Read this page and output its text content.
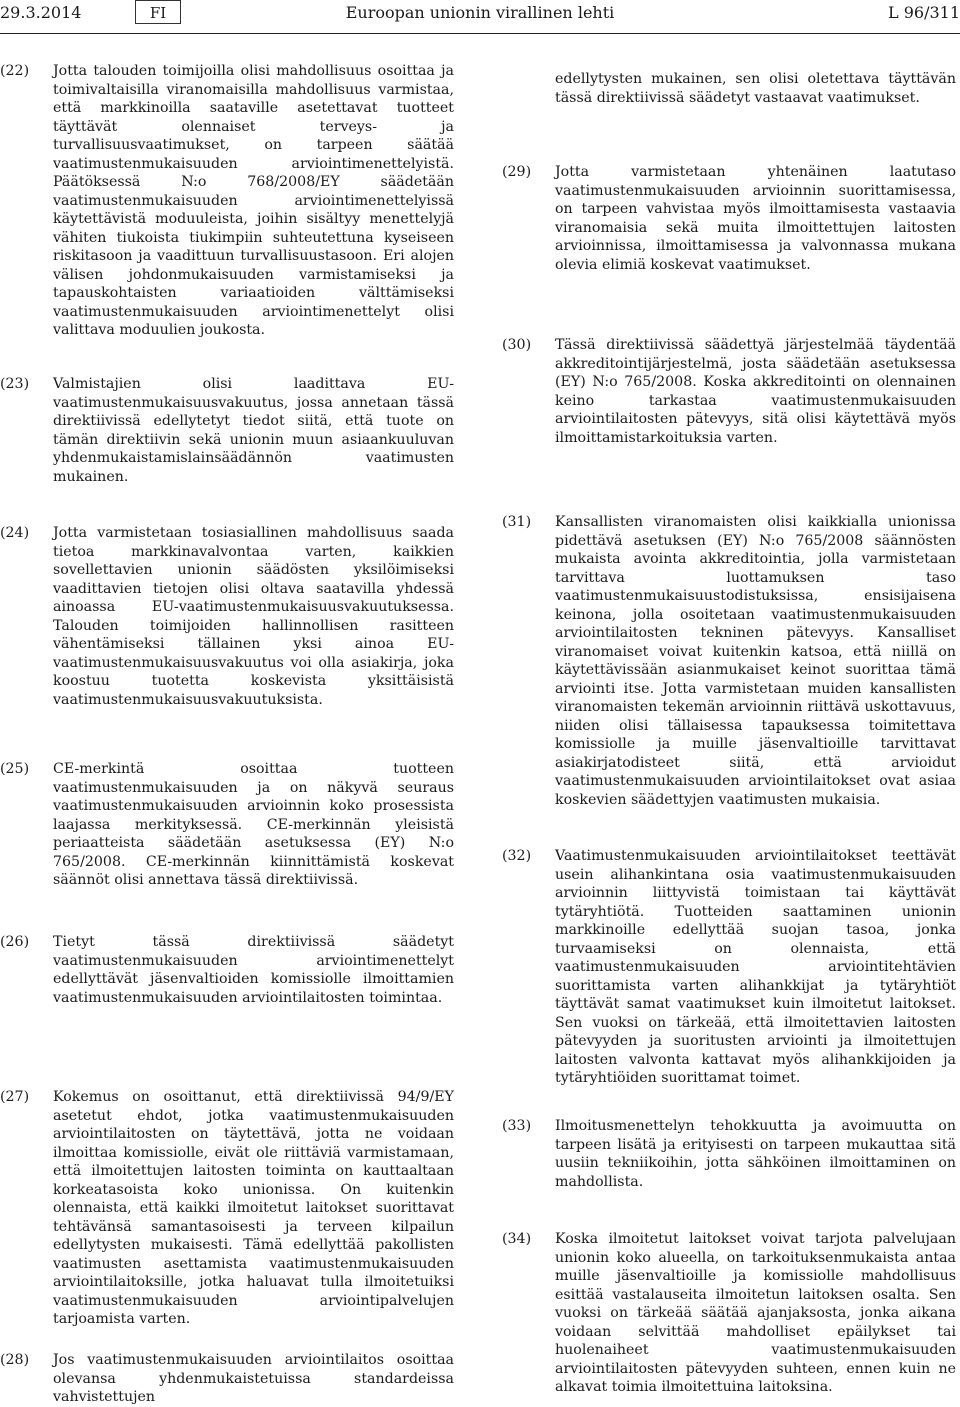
29.3.2014	FI	Euroopan unionin virallinen lehti	L 96/311
(22)	Jotta talouden toimijoilla olisi mahdollisuus osoittaa ja toimivaltaisilla viranomaisilla mahdollisuus varmistaa, että markkinoilla saataville asetettavat tuotteet täyttävät olennaiset terveys- ja turvallisuusvaatimukset, on tarpeen säätää vaatimustenmukaisuuden arviointimenettelyistä. Päätöksessä N:o 768/2008/EY säädetään vaatimustenmukaisuuden arviointimenettelyissä käytettävistä moduuleista, joihin sisältyy menettelyjä vähiten tiukoista tiukimpiin suhteutettuna kyseiseen riskitasoon ja vaadittuun turvallisuustasoon. Eri alojen välisen johdonmukaisuuden varmistamiseksi ja tapauskohtaisten variaatioiden välttämiseksi vaatimustenmukaisuuden arviointimenettelyt olisi valittava moduulien joukosta.
(23)	Valmistajien olisi laadittava EU-vaatimustenmukaisuusvakuutus, jossa annetaan tässä direktiivissä edellytetyt tiedot siitä, että tuote on tämän direktiivin sekä unionin muun asiaankuuluvan yhdenmukaistamislainsäädännön vaatimusten mukainen.
(24)	Jotta varmistetaan tosiasiallinen mahdollisuus saada tietoa markkinavalvontaa varten, kaikkien sovellettavien unionin säädösten yksilöimiseksi vaadittavien tietojen olisi oltava saatavilla yhdessä ainoassa EU-vaatimustenmukaisuusvakuutuksessa. Talouden toimijoiden hallinnollisen rasitteen vähentämiseksi tällainen yksi ainoa EU-vaatimustenmukaisuusvakuutus voi olla asiakirja, joka koostuu tuotetta koskevista yksittäisistä vaatimustenmukaisuusvakuutuksista.
(25)	CE-merkintä osoittaa tuotteen vaatimustenmukaisuuden ja on näkyvä seuraus vaatimustenmukaisuuden arvioinnin koko prosessista laajassa merkityksessä. CE-merkinnän yleisistä periaatteista säädetään asetuksessa (EY) N:o 765/2008. CE-merkinnän kiinnittämistä koskevat säännöt olisi annettava tässä direktiivissä.
(26)	Tietyt tässä direktiivissä säädetyt vaatimustenmukaisuuden arviointimenettelyt edellyttävät jäsenvaltioiden komissiolle ilmoittamien vaatimustenmukaisuuden arviointilaitosten toimintaa.
(27)	Kokemus on osoittanut, että direktiivissä 94/9/EY asetetut ehdot, jotka vaatimustenmukaisuuden arviointilaitosten on täytettävä, jotta ne voidaan ilmoittaa komissiolle, eivät ole riittäviä varmistamaan, että ilmoitettujen laitosten toiminta on kauttaaltaan korkeatasoista koko unionissa. On kuitenkin olennaista, että kaikki ilmoitetut laitokset suorittavat tehtävänsä samantasoisesti ja terveen kilpailun edellytysten mukaisesti. Tämä edellyttää pakollisten vaatimusten asettamista vaatimustenmukaisuuden arviointilaitoksille, jotka haluavat tulla ilmoitetuiksi vaatimustenmukaisuuden arviointipalvelujen tarjoamista varten.
(28)	Jos vaatimustenmukaisuuden arviointilaitos osoittaa olevansa yhdenmukaistetuissa standardeissa vahvistettujen
edellytysten mukainen, sen olisi oletettava täyttävän tässä direktiivissä säädetyt vastaavat vaatimukset.
(29)	Jotta varmistetaan yhtenäinen laatutaso vaatimustenmukaisuuden arvioinnin suorittamisessa, on tarpeen vahvistaa myös ilmoittamisesta vastaavia viranomaisia sekä muita ilmoittettujen laitosten arvioinnissa, ilmoittamisessa ja valvonnassa mukana olevia elimiä koskevat vaatimukset.
(30)	Tässä direktiivissä säädettyä järjestelmää täydentää akkreditointijärjestelmä, josta säädetään asetuksessa (EY) N:o 765/2008. Koska akkreditointi on olennainen keino tarkastaa vaatimustenmukaisuuden arviointilaitosten pätevyys, sitä olisi käytettävä myös ilmoittamistarkoituksia varten.
(31)	Kansallisten viranomaisten olisi kaikkialla unionissa pidettävä asetuksen (EY) N:o 765/2008 säännösten mukaista avointa akkreditointia, jolla varmistetaan tarvittava luottamuksen taso vaatimustenmukaisuustodistuksissa, ensisijaisena keinona, jolla osoitetaan vaatimustenmukaisuuden arviointilaitosten tekninen pätevyys. Kansalliset viranomaiset voivat kuitenkin katsoa, että niillä on käytettävissään asianmukaiset keinot suorittaa tämä arviointi itse. Jotta varmistetaan muiden kansallisten viranomaisten tekemän arvioinnin riittävä uskottavuus, niiden olisi tällaisessa tapauksessa toimitettava komissiolle ja muille jäsenvaltioille tarvittavat asiakirjatodisteet siitä, että arvioidut vaatimustenmukaisuuden arviointilaitokset ovat asiaa koskevien säädettyjen vaatimusten mukaisia.
(32)	Vaatimustenmukaisuuden arviointilaitokset teettävät usein alihankintana osia vaatimustenmukaisuuden arvioinnin liittyvistä toimistaan tai käyttävät tytäryhtiötä. Tuotteiden saattaminen unionin markkinoille edellyttää suojan tasoa, jonka turvaamiseksi on olennaista, että vaatimustenmukaisuuden arviointitehtävien suorittamista varten alihankkijat ja tytäryhtiöt täyttävät samat vaatimukset kuin ilmoitetut laitokset. Sen vuoksi on tärkeää, että ilmoitettavien laitosten pätevyyden ja suoritusten arviointi ja ilmoitettujen laitosten valvonta kattavat myös alihankkijoiden ja tytäryhtiöiden suorittamat toimet.
(33)	Ilmoitusmenettelyn tehokkuutta ja avoimuutta on tarpeen lisätä ja erityisesti on tarpeen mukauttaa sitä uusiin tekniikoihin, jotta sähköinen ilmoittaminen on mahdollista.
(34)	Koska ilmoitetut laitokset voivat tarjota palvelujaan unionin koko alueella, on tarkoituksenmukaista antaa muille jäsenvaltioille ja komissiolle mahdollisuus esittää vastalauseita ilmoitetun laitoksen osalta. Sen vuoksi on tärkeää säätää ajanjaksosta, jonka aikana voidaan selvittää mahdolliset epäilykset tai huolenaiheet vaatimustenmukaisuuden arviointilaitosten pätevyyden suhteen, ennen kuin ne alkavat toimia ilmoitettuina laitoksina.
